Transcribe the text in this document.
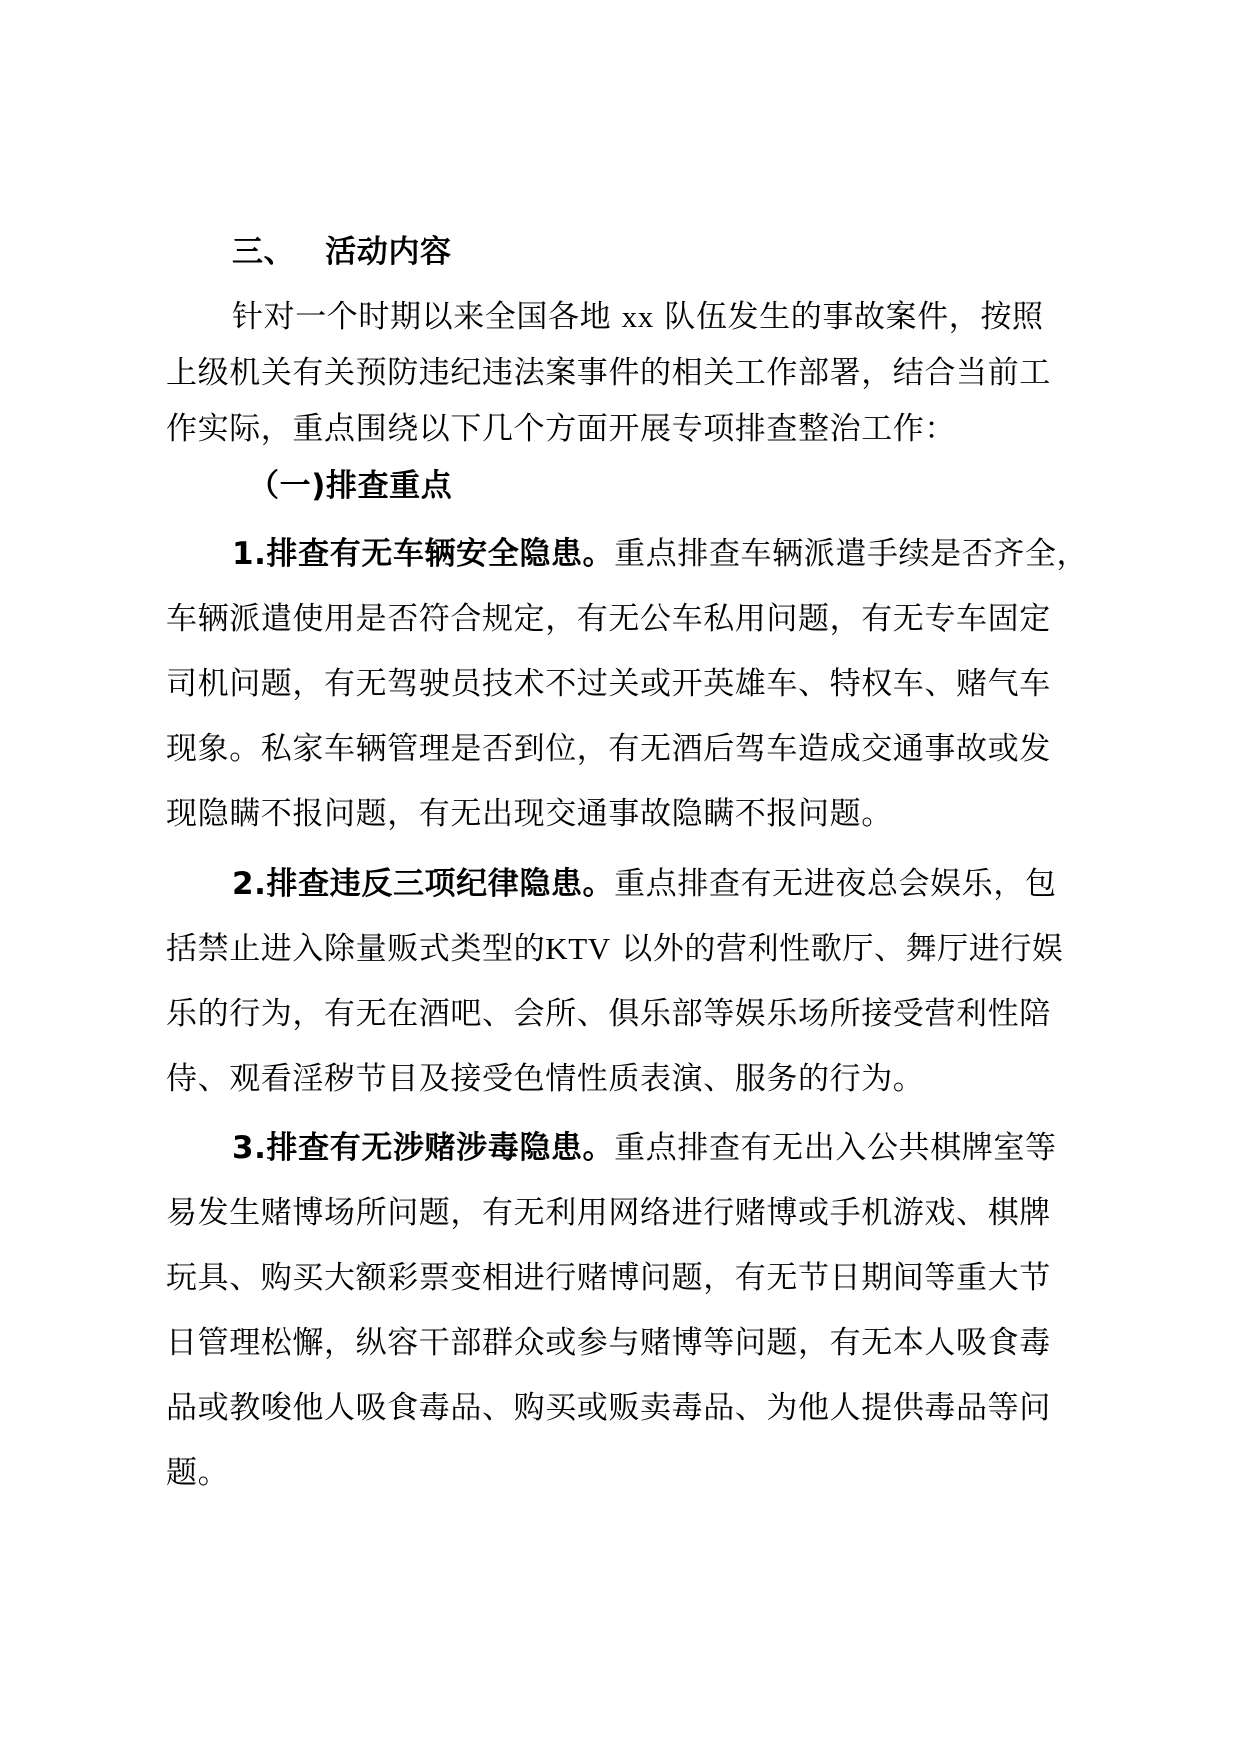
三、 活动内容
针对一个时期以来全国各地 xx 队伍发生的事故案件，按照
上级机关有关预防违纪违法案事件的相关工作部署，结合当前工
作实际，重点围绕以下几个方面开展专项排查整治工作：
（一)排查重点
1.排查有无车辆安全隐患。重点排查车辆派遣手续是否齐全，
车辆派遣使用是否符合规定，有无公车私用问题，有无专车固定
司机问题，有无驾驶员技术不过关或开英雄车、特权车、赌气车
现象。私家车辆管理是否到位，有无酒后驾车造成交通事故或发
现隐瞒不报问题，有无出现交通事故隐瞒不报问题。
2.排查违反三项纪律隐患。重点排查有无进夜总会娱乐，包
括禁止进入除量贩式类型的KTV 以外的营利性歌厅、舞厅进行娱
乐的行为，有无在酒吧、会所、俱乐部等娱乐场所接受营利性陪
侍、观看淫秽节目及接受色情性质表演、服务的行为。
3.排查有无涉赌涉毒隐患。重点排查有无出入公共棋牌室等
易发生赌博场所问题，有无利用网络进行赌博或手机游戏、棋牌
玩具、购买大额彩票变相进行赌博问题，有无节日期间等重大节
日管理松懈，纵容干部群众或参与赌博等问题，有无本人吸食毒
品或教唆他人吸食毒品、购买或贩卖毒品、为他人提供毒品等问
题。
